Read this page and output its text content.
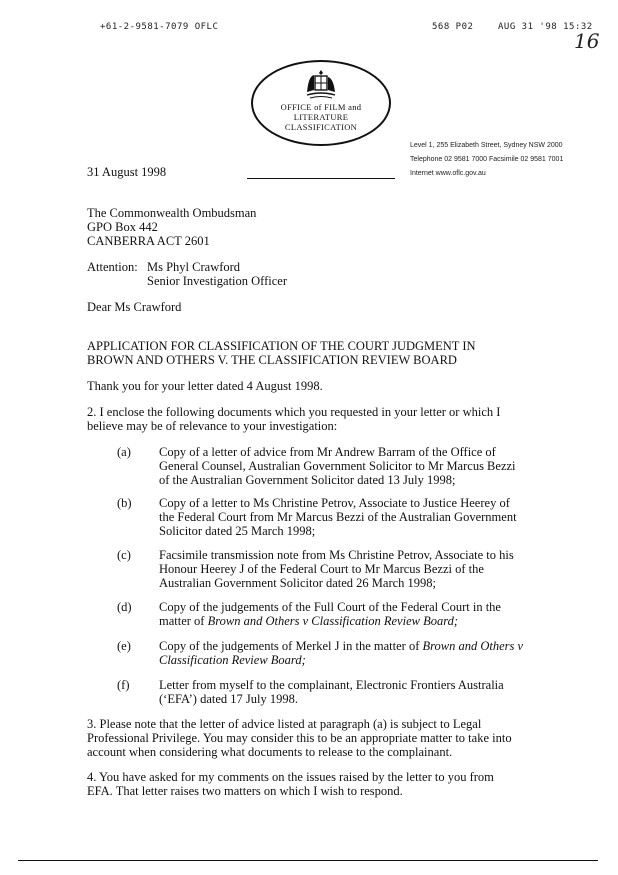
+61-2-9581-7079 OFLC	568 P02	AUG 31 '98 15:32
16
OFFICE of FILM and
LITERATURE
CLASSIFICATION
Level 1, 255 Elizabeth Street, Sydney NSW 2000
Telephone 02 9581 7000 Facsimile 02 9581 7001
Internet www.oflc.gov.au
31 August 1998
The Commonwealth Ombudsman
GPO Box 442
CANBERRA ACT 2601
Attention: Ms Phyl Crawford
Senior Investigation Officer
Dear Ms Crawford
APPLICATION FOR CLASSIFICATION OF THE COURT JUDGMENT IN
BROWN AND OTHERS V. THE CLASSIFICATION REVIEW BOARD
Thank you for your letter dated 4 August 1998.
2. I enclose the following documents which you requested in your letter or which I
believe may be of relevance to your investigation:
(a) Copy of a letter of advice from Mr Andrew Barram of the Office of
General Counsel, Australian Government Solicitor to Mr Marcus Bezzi
of the Australian Government Solicitor dated 13 July 1998;
(b) Copy of a letter to Ms Christine Petrov, Associate to Justice Heerey of
the Federal Court from Mr Marcus Bezzi of the Australian Government
Solicitor dated 25 March 1998;
(c) Facsimile transmission note from Ms Christine Petrov, Associate to his
Honour Heerey J of the Federal Court to Mr Marcus Bezzi of the
Australian Government Solicitor dated 26 March 1998;
(d) Copy of the judgements of the Full Court of the Federal Court in the
matter of Brown and Others v Classification Review Board;
(e) Copy of the judgements of Merkel J in the matter of Brown and Others v
Classification Review Board;
(f) Letter from myself to the complainant, Electronic Frontiers Australia
(‘EFA’) dated 17 July 1998.
3. Please note that the letter of advice listed at paragraph (a) is subject to Legal
Professional Privilege. You may consider this to be an appropriate matter to take into
account when considering what documents to release to the complainant.
4. You have asked for my comments on the issues raised by the letter to you from
EFA. That letter raises two matters on which I wish to respond.
